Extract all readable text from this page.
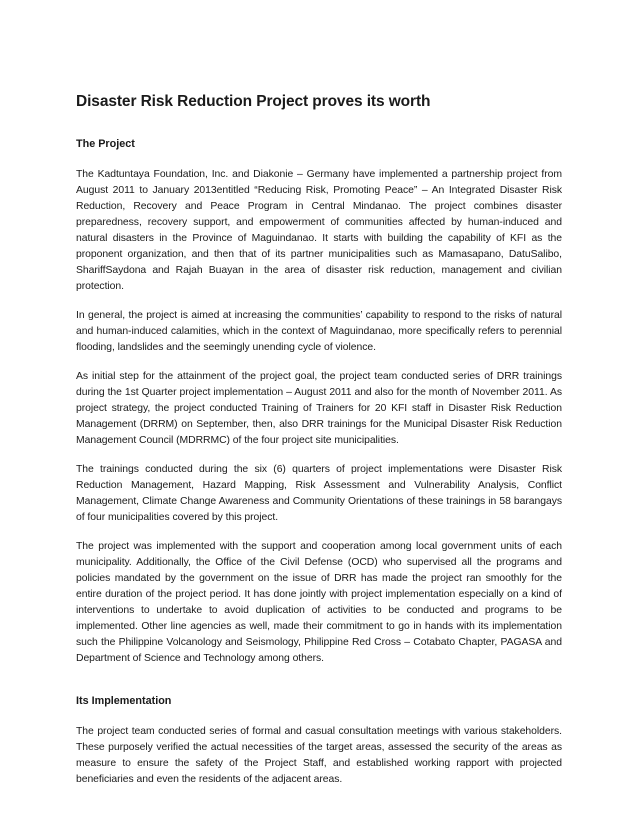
Disaster Risk Reduction Project proves its worth
The Project

The Kadtuntaya Foundation, Inc. and Diakonie – Germany have implemented a partnership project from August 2011 to January 2013entitled “Reducing Risk, Promoting Peace” – An Integrated Disaster Risk Reduction, Recovery and Peace Program in Central Mindanao. The project combines disaster preparedness, recovery support, and empowerment of communities affected by human-induced and natural disasters in the Province of Maguindanao. It starts with building the capability of KFI as the proponent organization, and then that of its partner municipalities such as Mamasapano, DatuSalibo, ShariffSaydona and Rajah Buayan in the area of disaster risk reduction, management and civilian protection.

In general, the project is aimed at increasing the communities’ capability to respond to the risks of natural and human-induced calamities, which in the context of Maguindanao, more specifically refers to perennial flooding, landslides and the seemingly unending cycle of violence.

As initial step for the attainment of the project goal, the project team conducted series of DRR trainings during the 1st Quarter project implementation – August 2011 and also for the month of November 2011. As project strategy, the project conducted Training of Trainers for 20 KFI staff in Disaster Risk Reduction Management (DRRM) on September, then, also DRR trainings for the Municipal Disaster Risk Reduction Management Council (MDRRMC) of the four project site municipalities.

The trainings conducted during the six (6) quarters of project implementations were Disaster Risk Reduction Management, Hazard Mapping, Risk Assessment and Vulnerability Analysis, Conflict Management, Climate Change Awareness and Community Orientations of these trainings in 58 barangays of four municipalities covered by this project.

The project was implemented with the support and cooperation among local government units of each municipality. Additionally, the Office of the Civil Defense (OCD) who supervised all the programs and policies mandated by the government on the issue of DRR has made the project ran smoothly for the entire duration of the project period. It has done jointly with project implementation especially on a kind of interventions to undertake to avoid duplication of activities to be conducted and programs to be implemented. Other line agencies as well, made their commitment to go in hands with its implementation such the Philippine Volcanology and Seismology, Philippine Red Cross – Cotabato Chapter, PAGASA and Department of Science and Technology among others.

Its Implementation

The project team conducted series of formal and casual consultation meetings with various stakeholders. These purposely verified the actual necessities of the target areas, assessed the security of the areas as measure to ensure the safety of the Project Staff, and established working rapport with projected beneficiaries and even the residents of the adjacent areas.
